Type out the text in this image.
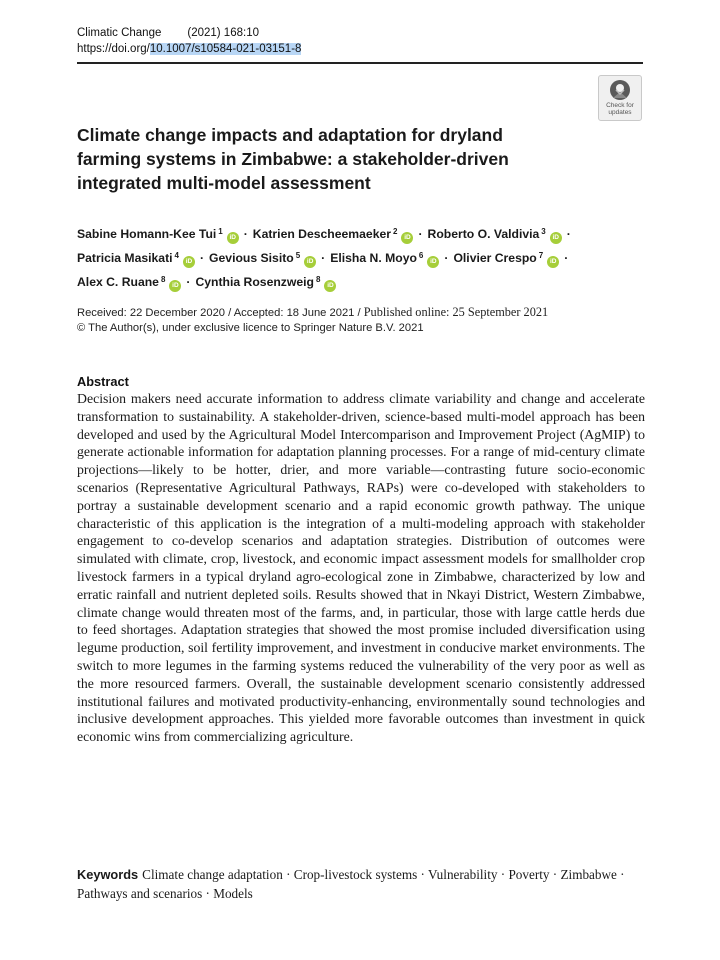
Climatic Change (2021) 168:10
https://doi.org/10.1007/s10584-021-03151-8
Check for
updates
Climate change impacts and adaptation for dryland farming systems in Zimbabwe: a stakeholder-driven integrated multi-model assessment
Sabine Homann-Kee Tui $^1$iD · Katrien Descheemaeker $^2$iD · Roberto O. Valdivia $^3$iD ·
Patricia Masikati $^4$iD · Gevious Sisito $^5$iD · Elisha N. Moyo $^6$iD · Olivier Crespo $^7$iD ·
Alex C. Ruane $^8$iD · Cynthia Rosenzweig $^8$iD
Received: 22 December 2020 / Accepted: 18 June 2021 / Published online: 25 September 2021
© The Author(s), under exclusive licence to Springer Nature B.V. 2021
Abstract

Decision makers need accurate information to address climate variability and change and accelerate transformation to sustainability. A stakeholder-driven, science-based multi-model approach has been developed and used by the Agricultural Model Intercomparison and Improvement Project (AgMIP) to generate actionable information for adaptation planning processes. For a range of mid-century climate projections—likely to be hotter, drier, and more variable—contrasting future socio-economic scenarios (Representative Agricultural Pathways, RAPs) were co-developed with stakeholders to portray a sustainable development scenario and a rapid economic growth pathway. The unique characteristic of this application is the integration of a multi-modeling approach with stakeholder engagement to co-develop scenarios and adaptation strategies. Distribution of outcomes were simulated with climate, crop, livestock, and economic impact assessment models for smallholder crop livestock farmers in a typical dryland agro-ecological zone in Zimbabwe, characterized by low and erratic rainfall and nutrient depleted soils. Results showed that in Nkayi District, Western Zimbabwe, climate change would threaten most of the farms, and, in particular, those with large cattle herds due to feed shortages. Adaptation strategies that showed the most promise included diversification using legume production, soil fertility improvement, and investment in conducive market environments. The switch to more legumes in the farming systems reduced the vulnerability of the very poor as well as the more resourced farmers. Overall, the sustainable development scenario consistently addressed institutional failures and motivated productivity-enhancing, environmentally sound technologies and inclusive development approaches. This yielded more favorable outcomes than investment in quick economic wins from commercializing agriculture.

Keywords Climate change adaptation · Crop-livestock systems · Vulnerability · Poverty · Zimbabwe · Pathways and scenarios · Models
